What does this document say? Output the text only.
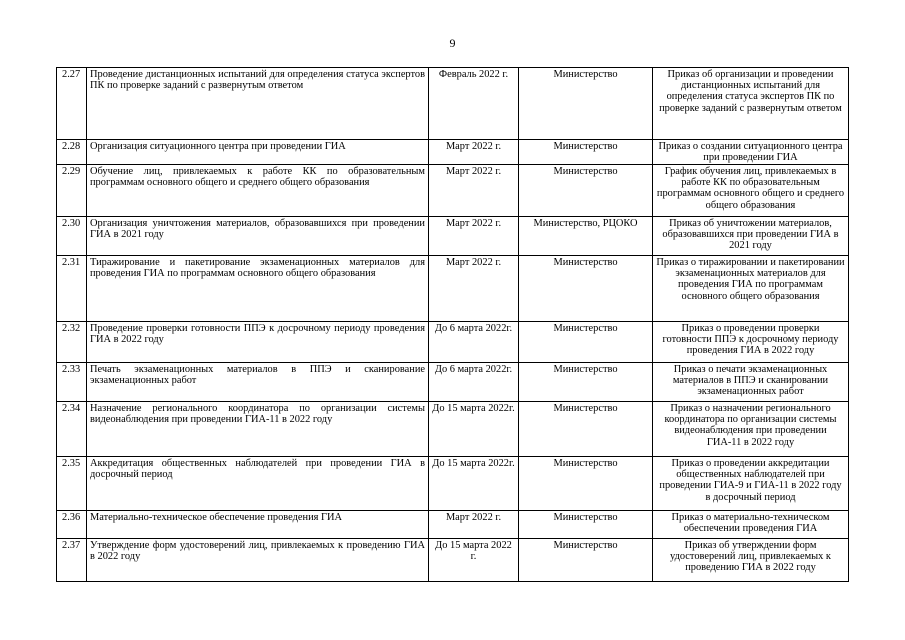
9
2.27	Проведение дистанционных испытаний для определения статуса экспертов ПК по проверке заданий с развернутым ответом	Февраль 2022 г.	Министерство	Приказ об организации и проведении дистанционных испытаний для определения статуса экспертов ПК по проверке заданий с развернутым ответом
2.28	Организация ситуационного центра при проведении ГИА	Март 2022 г.	Министерство	Приказ о создании ситуационного центра при проведении ГИА
2.29	Обучение лиц, привлекаемых к работе КК по образовательным программам основного общего и среднего общего образования	Март 2022 г.	Министерство	График обучения лиц, привлекаемых в работе КК по образовательным программам основного общего и среднего общего образования
2.30	Организация уничтожения материалов, образовавшихся при проведении ГИА в 2021 году	Март 2022 г.	Министерство, РЦОКО	Приказ об уничтожении материалов, образовавшихся при проведении ГИА в 2021 году
2.31	Тиражирование и пакетирование экзаменационных материалов для проведения ГИА по программам основного общего образования	Март 2022 г.	Министерство	Приказ о тиражировании и пакетировании экзаменационных материалов для проведения ГИА по программам основного общего образования
2.32	Проведение проверки готовности ППЭ к досрочному периоду проведения ГИА в 2022 году	До 6 марта 2022г.	Министерство	Приказ о проведении проверки готовности ППЭ к досрочному периоду проведения ГИА в 2022 году
2.33	Печать экзаменационных материалов в ППЭ и сканирование экзаменационных работ	До 6 марта 2022г.	Министерство	Приказ о печати экзаменационных материалов в ППЭ и сканировании экзаменационных работ
2.34	Назначение регионального координатора по организации системы видеонаблюдения при проведении ГИА-11 в 2022 году	До 15 марта 2022г.	Министерство	Приказ о назначении регионального координатора по организации системы видеонаблюдения при проведении ГИА-11 в 2022 году
2.35	Аккредитация общественных наблюдателей при проведении ГИА в досрочный период	До 15 марта 2022г.	Министерство	Приказ о проведении аккредитации общественных наблюдателей при проведении ГИА-9 и ГИА-11 в 2022 году в досрочный период
2.36	Материально-техническое обеспечение проведения ГИА	Март 2022 г.	Министерство	Приказ о материально-техническом обеспечении проведения ГИА
2.37	Утверждение форм удостоверений лиц, привлекаемых к проведению ГИА в 2022 году	До 15 марта 2022 г.	Министерство	Приказ об утверждении форм удостоверений лиц, привлекаемых к проведению ГИА в 2022 году
